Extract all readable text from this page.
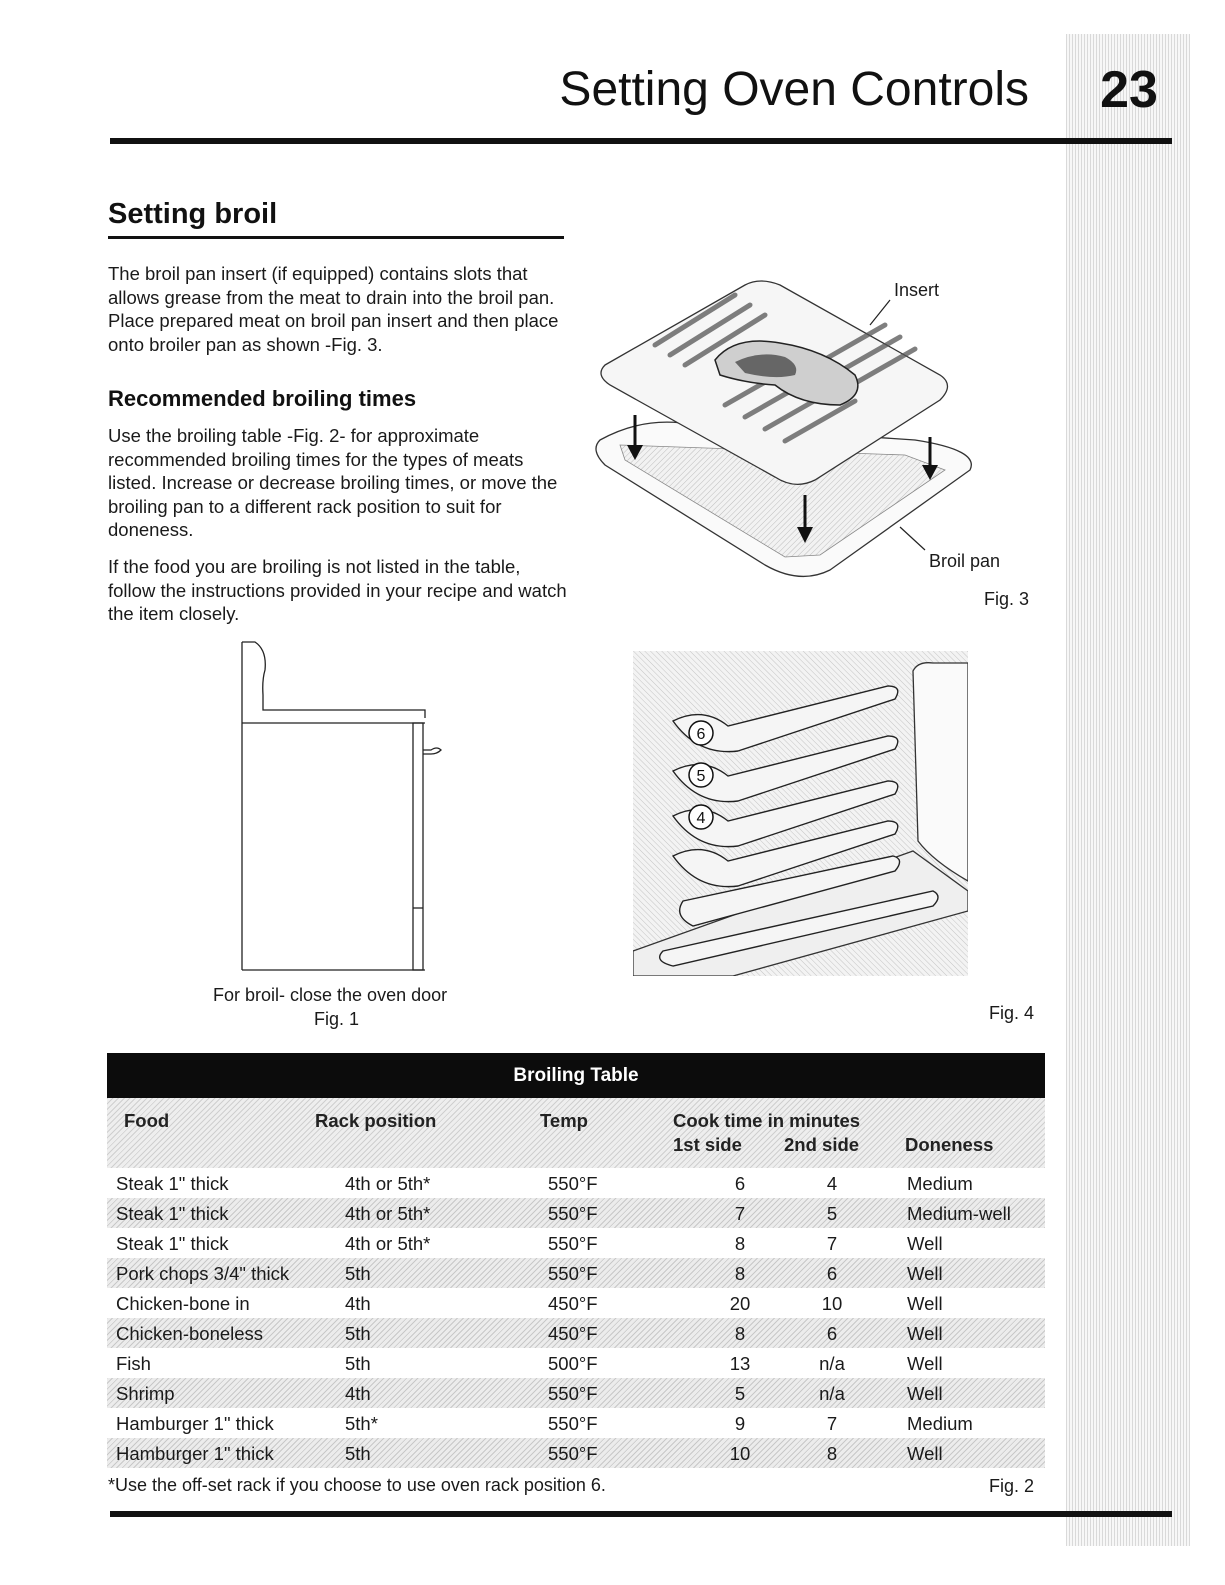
23
Setting Oven Controls
Setting broil
The broil pan insert (if equipped) contains slots that allows grease from the meat to drain into the broil pan. Place prepared meat on broil pan insert and then place onto broiler pan as shown -Fig. 3.
Recommended broiling times
Use the broiling table -Fig. 2- for approximate recommended broiling times for the types of meats listed. Increase or decrease broiling times, or move the broiling pan to a different rack position to suit for doneness.
If the food you are broiling is not listed in the table, follow the instructions provided in your recipe and watch the item closely.
Insert
Broil pan
Fig. 3
For broil- close the oven door
Fig. 1
6
5
4
Fig. 4
Broiling Table
Food	Rack position	Temp	Cook time in minutes
1st side 2nd side Doneness
Steak 1" thick	4th or 5th*	550°F	6	4	Medium
Steak 1" thick	4th or 5th*	550°F	7	5	Medium-well
Steak 1" thick	4th or 5th*	550°F	8	7	Well
Pork chops 3/4" thick	5th	550°F	8	6	Well
Chicken-bone in	4th	450°F	20	10	Well
Chicken-boneless	5th	450°F	8	6	Well
Fish	5th	500°F	13	n/a	Well
Shrimp	4th	550°F	5	n/a	Well
Hamburger 1" thick	5th*	550°F	9	7	Medium
Hamburger 1" thick	5th	550°F	10	8	Well
*Use the off-set rack if you choose to use oven rack position 6.	Fig. 2
